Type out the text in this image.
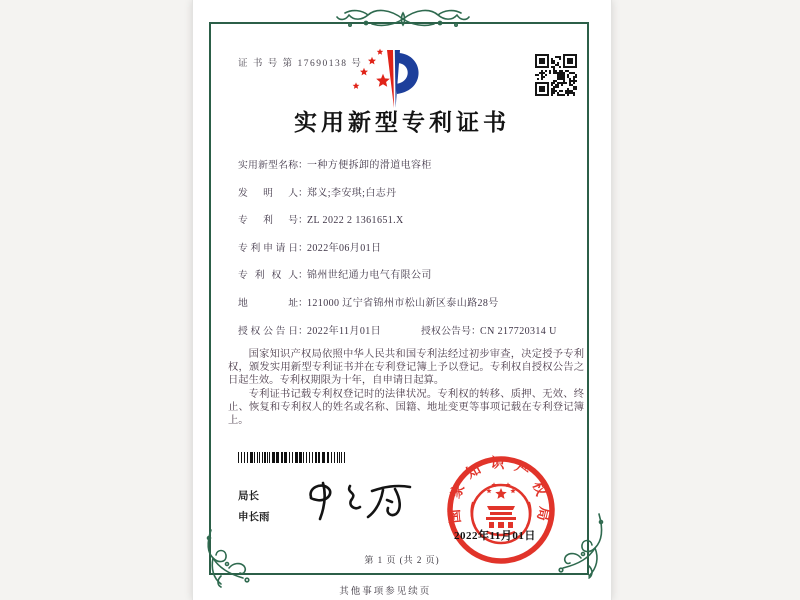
证 书 号 第 17690138 号
实用新型专利证书
实用新型名称：一种方便拆卸的滑道电容柜
发明人：郑义;李安琪;白志丹
专利号：ZL 2022 2 1361651.X
专利申请日：2022年06月01日
专利权人：锦州世纪通力电气有限公司
地址：121000 辽宁省锦州市松山新区泰山路28号
授权公告日：2022年11月01日	授权公告号：CN 217720314 U

国家知识产权局依照中华人民共和国专利法经过初步审查，决定授予专利权，颁发实用新型专利证书并在专利登记簿上予以登记。专利权自授权公告之日起生效。专利权期限为十年，自申请日起算。

专利证书记载专利权登记时的法律状况。专利权的转移、质押、无效、终止、恢复和专利权人的姓名或名称、国籍、地址变更等事项记载在专利登记簿上。

局长
申长雨	国家知识产权局
2022年11月01日
第 1 页 (共 2 页)
其他事项参见续页
